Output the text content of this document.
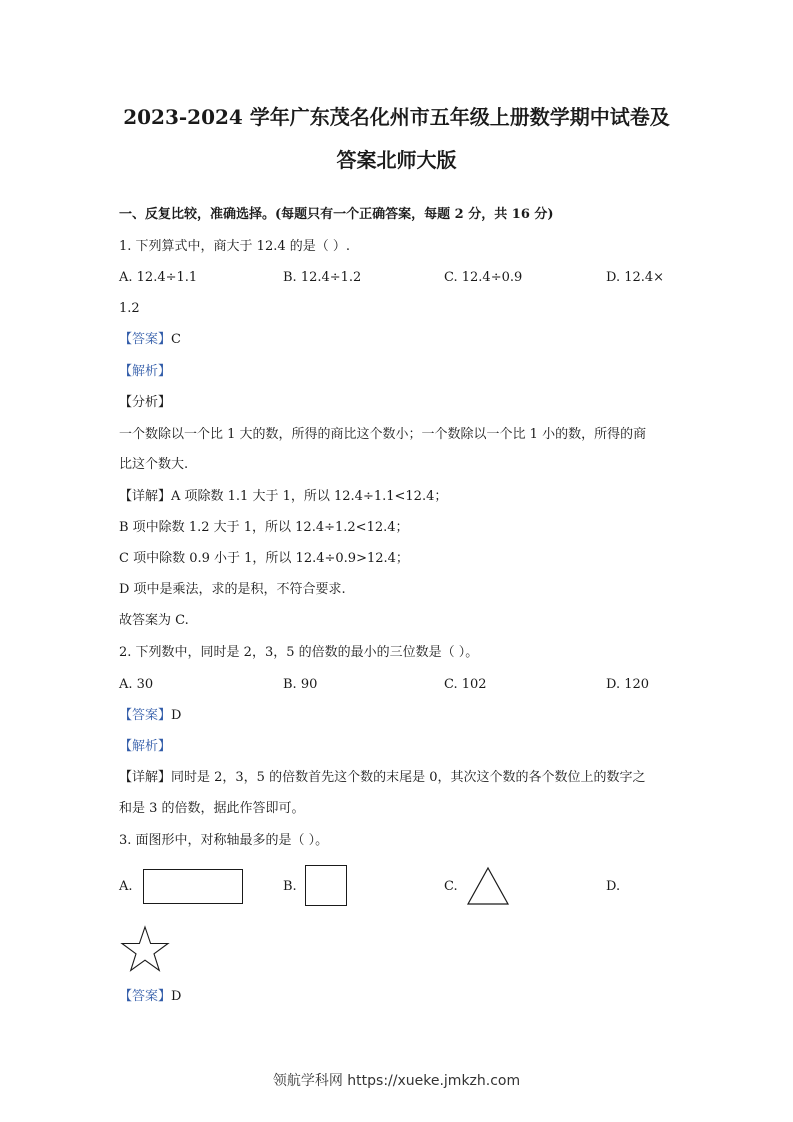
2023-2024 学年广东茂名化州市五年级上册数学期中试卷及
答案北师大版
一、反复比较，准确选择。(每题只有一个正确答案，每题 2 分，共 16 分)
1. 下列算式中，商大于 12.4 的是（ ）.
A. 12.4÷1.1	B. 12.4÷1.2	C. 12.4÷0.9	D. 12.4×
1.2
【答案】C
【解析】
【分析】
一个数除以一个比 1 大的数，所得的商比这个数小；一个数除以一个比 1 小的数，所得的商
比这个数大.
【详解】A 项除数 1.1 大于 1，所以 12.4÷1.1<12.4；
B 项中除数 1.2 大于 1，所以 12.4÷1.2<12.4；
C 项中除数 0.9 小于 1，所以 12.4÷0.9>12.4；
D 项中是乘法，求的是积，不符合要求.
故答案为 C.
2. 下列数中，同时是 2，3，5 的倍数的最小的三位数是（ ）。
A. 30	B. 90	C. 102	D. 120
【答案】D
【解析】
【详解】同时是 2，3，5 的倍数首先这个数的末尾是 0，其次这个数的各个数位上的数字之
和是 3 的倍数，据此作答即可。
3. 面图形中，对称轴最多的是（ ）。
A.	B.	C.	D.
【答案】D
领航学科网 https://xueke.jmkzh.com
